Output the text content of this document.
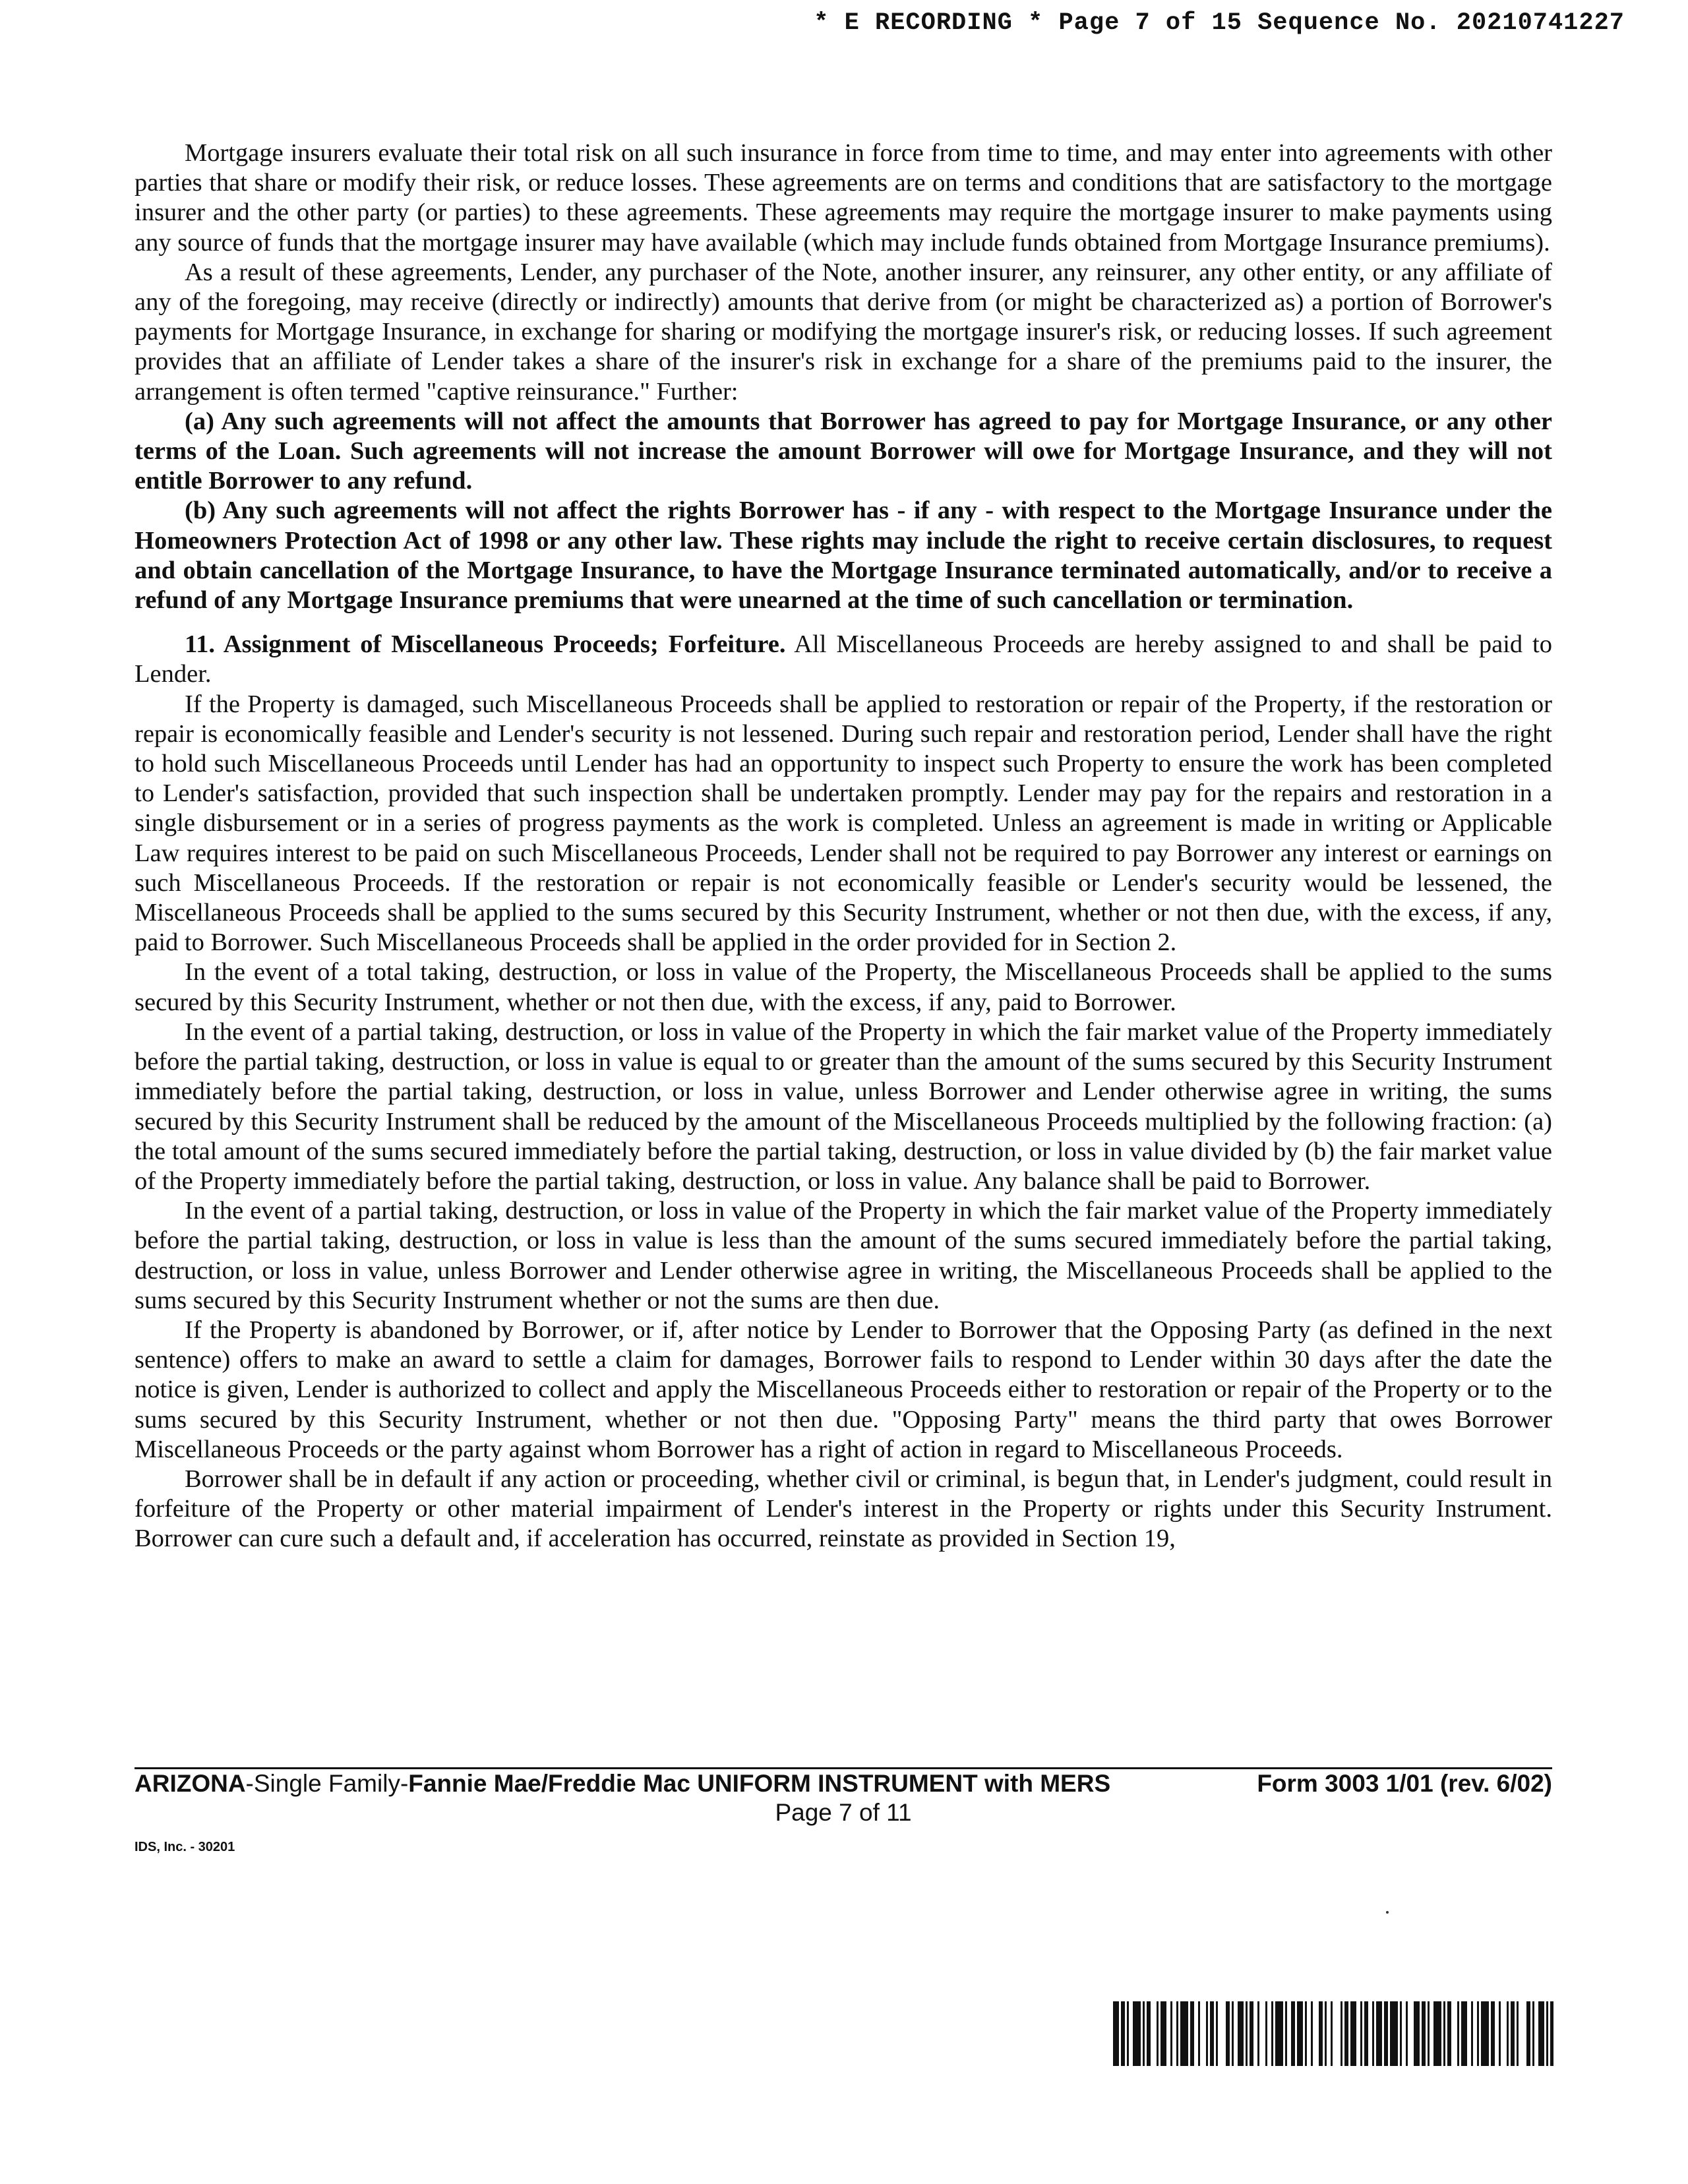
* E RECORDING * Page 7 of 15 Sequence No. 20210741227

Mortgage insurers evaluate their total risk on all such insurance in force from time to time, and may enter into agreements with other parties that share or modify their risk, or reduce losses. These agreements are on terms and conditions that are satisfactory to the mortgage insurer and the other party (or parties) to these agreements. These agreements may require the mortgage insurer to make payments using any source of funds that the mortgage insurer may have available (which may include funds obtained from Mortgage Insurance premiums).

As a result of these agreements, Lender, any purchaser of the Note, another insurer, any reinsurer, any other entity, or any affiliate of any of the foregoing, may receive (directly or indirectly) amounts that derive from (or might be characterized as) a portion of Borrower's payments for Mortgage Insurance, in exchange for sharing or modifying the mortgage insurer's risk, or reducing losses. If such agreement provides that an affiliate of Lender takes a share of the insurer's risk in exchange for a share of the premiums paid to the insurer, the arrangement is often termed "captive reinsurance." Further:

(a) Any such agreements will not affect the amounts that Borrower has agreed to pay for Mortgage Insurance, or any other terms of the Loan. Such agreements will not increase the amount Borrower will owe for Mortgage Insurance, and they will not entitle Borrower to any refund.

(b) Any such agreements will not affect the rights Borrower has - if any - with respect to the Mortgage Insurance under the Homeowners Protection Act of 1998 or any other law. These rights may include the right to receive certain disclosures, to request and obtain cancellation of the Mortgage Insurance, to have the Mortgage Insurance terminated automatically, and/or to receive a refund of any Mortgage Insurance premiums that were unearned at the time of such cancellation or termination.

11. Assignment of Miscellaneous Proceeds; Forfeiture. All Miscellaneous Proceeds are hereby assigned to and shall be paid to Lender.

If the Property is damaged, such Miscellaneous Proceeds shall be applied to restoration or repair of the Property, if the restoration or repair is economically feasible and Lender's security is not lessened. During such repair and restoration period, Lender shall have the right to hold such Miscellaneous Proceeds until Lender has had an opportunity to inspect such Property to ensure the work has been completed to Lender's satisfaction, provided that such inspection shall be undertaken promptly. Lender may pay for the repairs and restoration in a single disbursement or in a series of progress payments as the work is completed. Unless an agreement is made in writing or Applicable Law requires interest to be paid on such Miscellaneous Proceeds, Lender shall not be required to pay Borrower any interest or earnings on such Miscellaneous Proceeds. If the restoration or repair is not economically feasible or Lender's security would be lessened, the Miscellaneous Proceeds shall be applied to the sums secured by this Security Instrument, whether or not then due, with the excess, if any, paid to Borrower. Such Miscellaneous Proceeds shall be applied in the order provided for in Section 2.

In the event of a total taking, destruction, or loss in value of the Property, the Miscellaneous Proceeds shall be applied to the sums secured by this Security Instrument, whether or not then due, with the excess, if any, paid to Borrower.

In the event of a partial taking, destruction, or loss in value of the Property in which the fair market value of the Property immediately before the partial taking, destruction, or loss in value is equal to or greater than the amount of the sums secured by this Security Instrument immediately before the partial taking, destruction, or loss in value, unless Borrower and Lender otherwise agree in writing, the sums secured by this Security Instrument shall be reduced by the amount of the Miscellaneous Proceeds multiplied by the following fraction: (a) the total amount of the sums secured immediately before the partial taking, destruction, or loss in value divided by (b) the fair market value of the Property immediately before the partial taking, destruction, or loss in value. Any balance shall be paid to Borrower.

In the event of a partial taking, destruction, or loss in value of the Property in which the fair market value of the Property immediately before the partial taking, destruction, or loss in value is less than the amount of the sums secured immediately before the partial taking, destruction, or loss in value, unless Borrower and Lender otherwise agree in writing, the Miscellaneous Proceeds shall be applied to the sums secured by this Security Instrument whether or not the sums are then due.

If the Property is abandoned by Borrower, or if, after notice by Lender to Borrower that the Opposing Party (as defined in the next sentence) offers to make an award to settle a claim for damages, Borrower fails to respond to Lender within 30 days after the date the notice is given, Lender is authorized to collect and apply the Miscellaneous Proceeds either to restoration or repair of the Property or to the sums secured by this Security Instrument, whether or not then due. "Opposing Party" means the third party that owes Borrower Miscellaneous Proceeds or the party against whom Borrower has a right of action in regard to Miscellaneous Proceeds.

Borrower shall be in default if any action or proceeding, whether civil or criminal, is begun that, in Lender's judgment, could result in forfeiture of the Property or other material impairment of Lender's interest in the Property or rights under this Security Instrument. Borrower can cure such a default and, if acceleration has occurred, reinstate as provided in Section 19,

ARIZONA-Single Family-Fannie Mae/Freddie Mac UNIFORM INSTRUMENT with MERS	Form 3003 1/01 (rev. 6/02)
Page 7 of 11
IDS, Inc. - 30201
